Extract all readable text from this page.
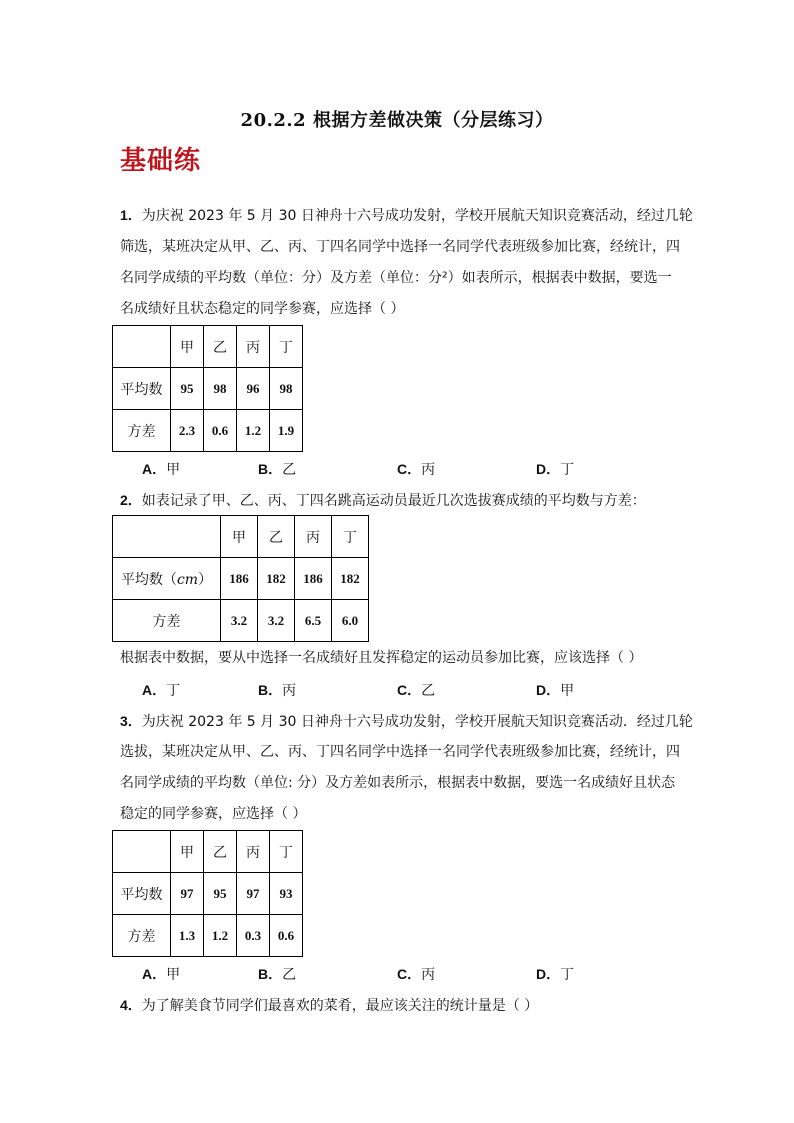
20.2.2 根据方差做决策（分层练习）
基础练
1．为庆祝 2023 年 5 月 30 日神舟十六号成功发射，学校开展航天知识竞赛活动，经过几轮
筛选，某班决定从甲、乙、丙、丁四名同学中选择一名同学代表班级参加比赛，经统计，四
名同学成绩的平均数（单位：分）及方差（单位：分²）如表所示，根据表中数据，要选一
名成绩好且状态稳定的同学参赛，应选择（ ）
	甲	乙	丙	丁
平均数	95	98	96	98
方差	2.3	0.6	1.2	1.9
A．甲	B．乙	C．丙	D．丁
2．如表记录了甲、乙、丙、丁四名跳高运动员最近几次选拔赛成绩的平均数与方差：
	甲	乙	丙	丁
平均数（cm）	186	182	186	182
方差	3.2	3.2	6.5	6.0
根据表中数据，要从中选择一名成绩好且发挥稳定的运动员参加比赛，应该选择（ ）
A．丁	B．丙	C．乙	D．甲
3．为庆祝 2023 年 5 月 30 日神舟十六号成功发射，学校开展航天知识竞赛活动．经过几轮
选拔，某班决定从甲、乙、丙、丁四名同学中选择一名同学代表班级参加比赛，经统计，四
名同学成绩的平均数（单位: 分）及方差如表所示，根据表中数据，要选一名成绩好且状态
稳定的同学参赛，应选择（ ）
	甲	乙	丙	丁
平均数	97	95	97	93
方差	1.3	1.2	0.3	0.6
A．甲	B．乙	C．丙	D．丁
4．为了解美食节同学们最喜欢的菜肴，最应该关注的统计量是（ ）
